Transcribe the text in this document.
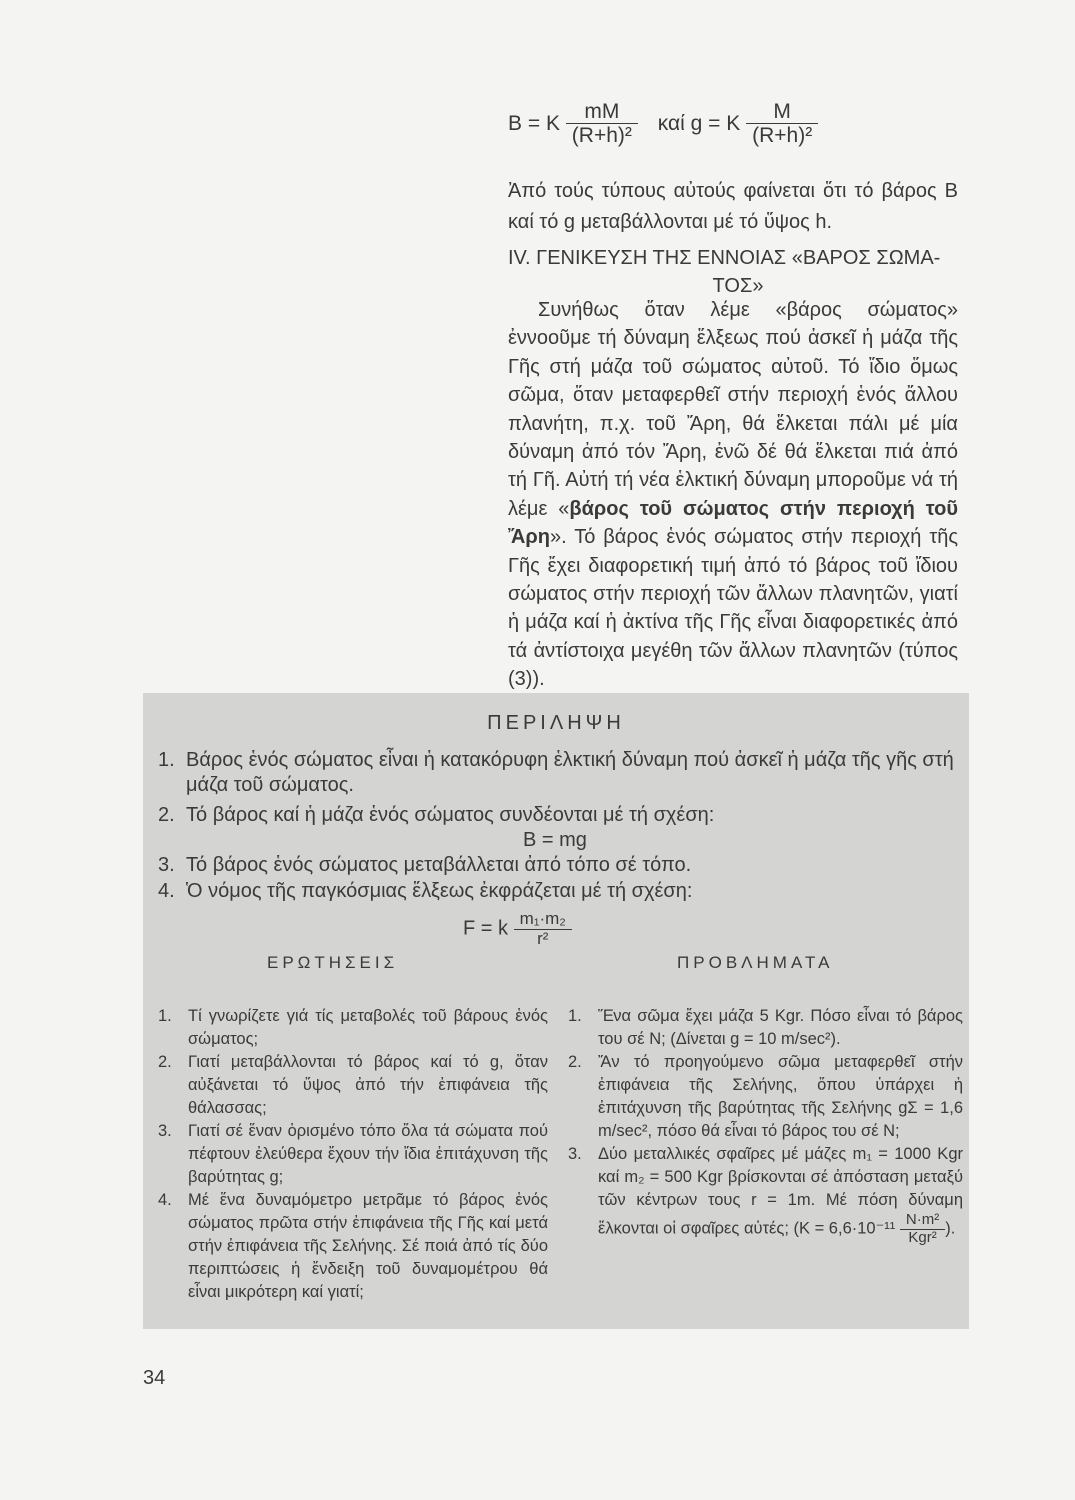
B = K $\frac{mM}{\text{(R+h)²}}$ καί g = K $\frac{M}{\text{(R+h)²}}$
Ἀπό τούς τύπους αὐτούς φαίνεται ὅτι τό βάρος Β καί τό g μεταβάλλονται μέ τό ὕψος h.
IV. ΓΕΝΙΚΕΥΣΗ ΤΗΣ ΕΝΝΟΙΑΣ «ΒΑΡΟΣ ΣΩΜΑ-
ΤΟΣ»
Συνήθως ὅταν λέμε «βάρος σώματος» ἐννοοῦμε τή δύναμη ἕλξεως πού ἀσκεῖ ἡ μάζα τῆς Γῆς στή μάζα τοῦ σώματος αὐτοῦ. Τό ἴδιο ὅμως σῶμα, ὅταν μεταφερθεῖ στήν περιοχή ἑνός ἄλλου πλανήτη, π.χ. τοῦ Ἄρη, θά ἕλκεται πάλι μέ μία δύναμη ἀπό τόν Ἄρη, ἐνῶ δέ θά ἕλκεται πιά ἀπό τή Γῆ. Αὐτή τή νέα ἑλκτική δύναμη μποροῦμε νά τή λέμε «βάρος τοῦ σώματος στήν περιοχή τοῦ Ἄρη». Τό βάρος ἑνός σώματος στήν περιοχή τῆς Γῆς ἔχει διαφορετική τιμή ἀπό τό βάρος τοῦ ἴδιου σώματος στήν περιοχή τῶν ἄλλων πλανητῶν, γιατί ἡ μάζα καί ἡ ἀκτίνα τῆς Γῆς εἶναι διαφορετικές ἀπό τά ἀντίστοιχα μεγέθη τῶν ἄλλων πλανητῶν (τύπος (3)).
ΠΕΡΙΛΗΨΗ
1. Βάρος ἑνός σώματος εἶναι ἡ κατακόρυφη ἑλκτική δύναμη πού ἀσκεῖ ἡ μάζα τῆς γῆς στή μάζα τοῦ σώματος.
2. Τό βάρος καί ἡ μάζα ἑνός σώματος συνδέονται μέ τή σχέση:
B = mg
3. Τό βάρος ἑνός σώματος μεταβάλλεται ἀπό τόπο σέ τόπο.
4. Ὁ νόμος τῆς παγκόσμιας ἕλξεως ἐκφράζεται μέ τή σχέση:
F = k $\frac{\text{m₁·m₂}}{\text{r²}}$
ΕΡΩΤΗΣΕΙΣ	ΠΡΟΒΛΗΜΑΤΑ
1. Τί γνωρίζετε γιά τίς μεταβολές τοῦ βάρους ἑνός σώματος;
2. Γιατί μεταβάλλονται τό βάρος καί τό g, ὅταν αὐξάνεται τό ὕψος ἀπό τήν ἐπιφάνεια τῆς θάλασσας;
3. Γιατί σέ ἕναν ὁρισμένο τόπο ὅλα τά σώματα πού πέφτουν ἐλεύθερα ἔχουν τήν ἴδια ἐπιτάχυνση τῆς βαρύτητας g;
4. Μέ ἕνα δυναμόμετρο μετρᾶμε τό βάρος ἑνός σώματος πρῶτα στήν ἐπιφάνεια τῆς Γῆς καί μετά στήν ἐπιφάνεια τῆς Σελήνης. Σέ ποιά ἀπό τίς δύο περιπτώσεις ἡ ἔνδειξη τοῦ δυναμομέτρου θά εἶναι μικρότερη καί γιατί;
1. Ἕνα σῶμα ἔχει μάζα 5 Kgr. Πόσο εἶναι τό βάρος του σέ N; (Δίνεται g = 10 m/sec²).
2. Ἄν τό προηγούμενο σῶμα μεταφερθεῖ στήν ἐπιφάνεια τῆς Σελήνης, ὅπου ὑπάρχει ἡ ἐπιτάχυνση τῆς βαρύτητας τῆς Σελήνης gΣ = 1,6 m/sec², πόσο θά εἶναι τό βάρος του σέ N;
3. Δύο μεταλλικές σφαῖρες μέ μάζες m₁ = 1000 Kgr καί m₂ = 500 Kgr βρίσκονται σέ ἀπόσταση μεταξύ τῶν κέντρων τους r = 1m. Μέ πόση δύναμη ἕλκονται οἱ σφαῖρες αὐτές; ($K = 6,6\cdot 10^{-11} \frac{\text{N·m²}}{\text{Kgr²}}$ ).
34
